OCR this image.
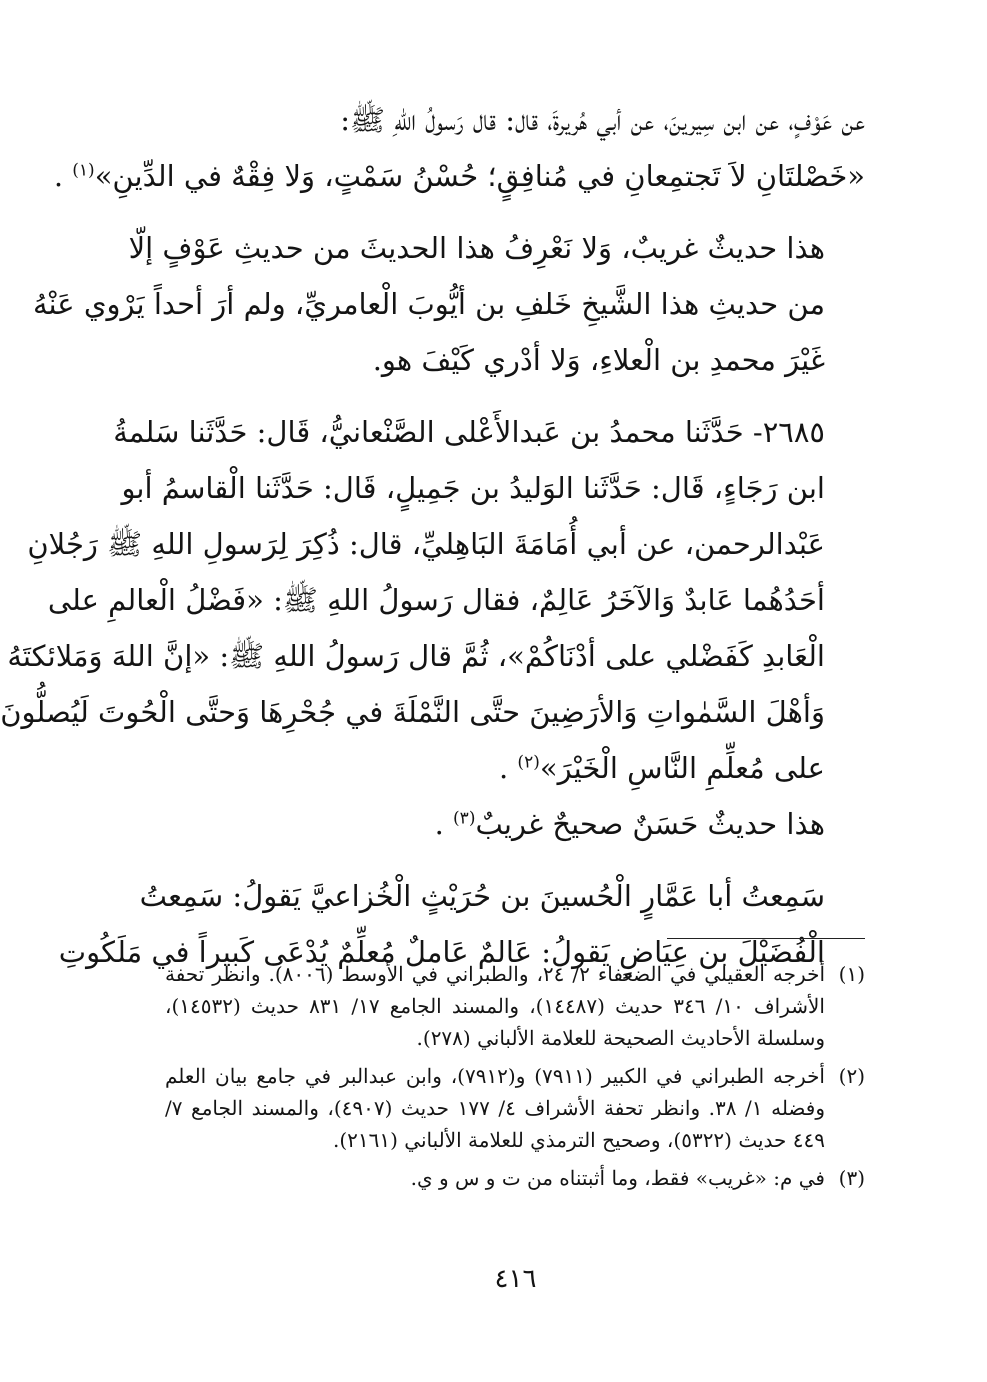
عن عَوْفٍ، عن ابن سِيرينَ، عن أبي هُريرةَ، قال: قال رَسولُ اللهِ ﷺ:
«خَصْلتَانِ لاَ تَجتمِعانِ في مُنافِقٍ؛ حُسْنُ سَمْتٍ، وَلا فِقْهٌ في الدِّينِ»$^{(١)}$ .

هذا حديثٌ غريبٌ، وَلا نَعْرِفُ هذا الحديثَ من حديثِ عَوْفٍ إلّا
من حديثِ هذا الشَّيخِ خَلفِ بن أيُّوبَ الْعامريِّ، ولم أرَ أحداً يَرْوي عَنْهُ
غَيْرَ محمدِ بن الْعلاءِ، وَلا أدْري كَيْفَ هو.

٢٦٨٥- حَدَّثَنا محمدُ بن عَبدالأَعْلى الصَّنْعانيُّ، قَال: حَدَّثَنا سَلمةُ
ابن رَجَاءٍ، قَال: حَدَّثَنا الوَليدُ بن جَمِيلٍ، قَال: حَدَّثَنا الْقاسمُ أبو
عَبْدالرحمن، عن أبي أُمَامَةَ البَاهِليِّ، قال: ذُكِرَ لِرَسولِ اللهِ ﷺ رَجُلانِ
أحَدُهُما عَابدٌ وَالآخَرُ عَالِمٌ، فقال رَسولُ اللهِ ﷺ: «فَضْلُ الْعالمِ على
الْعَابدِ كَفَضْلي على أدْنَاكُمْ»، ثُمَّ قال رَسولُ اللهِ ﷺ: «إنَّ اللهَ وَمَلائكتَهُ
وَأهْلَ السَّمٰواتِ وَالأرَضِينَ حتَّى النَّمْلَةَ في جُحْرِهَا وَحتَّى الْحُوتَ لَيُصلُّونَ
على مُعلِّمِ النَّاسِ الْخَيْرَ»$^{(٢)}$ .

هذا حديثٌ حَسَنٌ صحيحٌ غريبٌ$^{(٣)}$ .

سَمِعتُ أبا عَمَّارٍ الْحُسينَ بن حُرَيْثٍ الْخُزاعيَّ يَقولُ: سَمِعتُ
الْفُضَيْلَ بن عِيَاضٍ يَقولُ: عَالمٌ عَاملٌ مُعلِّمٌ يُدْعَى كَبيراً في مَلَكُوتِ

(١)
أخرجه العقيلي في الضعفاء ٢/ ٢٤، والطبراني في الأوسط (٨٠٠٦). وانظر تحفة الأشراف ١٠/ ٣٤٦ حديث (١٤٤٨٧)، والمسند الجامع ١٧/ ٨٣١ حديث (١٤٥٣٢)، وسلسلة الأحاديث الصحيحة للعلامة الألباني (٢٧٨).
(٢)
أخرجه الطبراني في الكبير (٧٩١١) و(٧٩١٢)، وابن عبدالبر في جامع بيان العلم وفضله ١/ ٣٨. وانظر تحفة الأشراف ٤/ ١٧٧ حديث (٤٩٠٧)، والمسند الجامع ٧/ ٤٤٩ حديث (٥٣٢٢)، وصحيح الترمذي للعلامة الألباني (٢١٦١).
(٣)
في م: «غريب» فقط، وما أثبتناه من ت و س و ي.
٤١٦
